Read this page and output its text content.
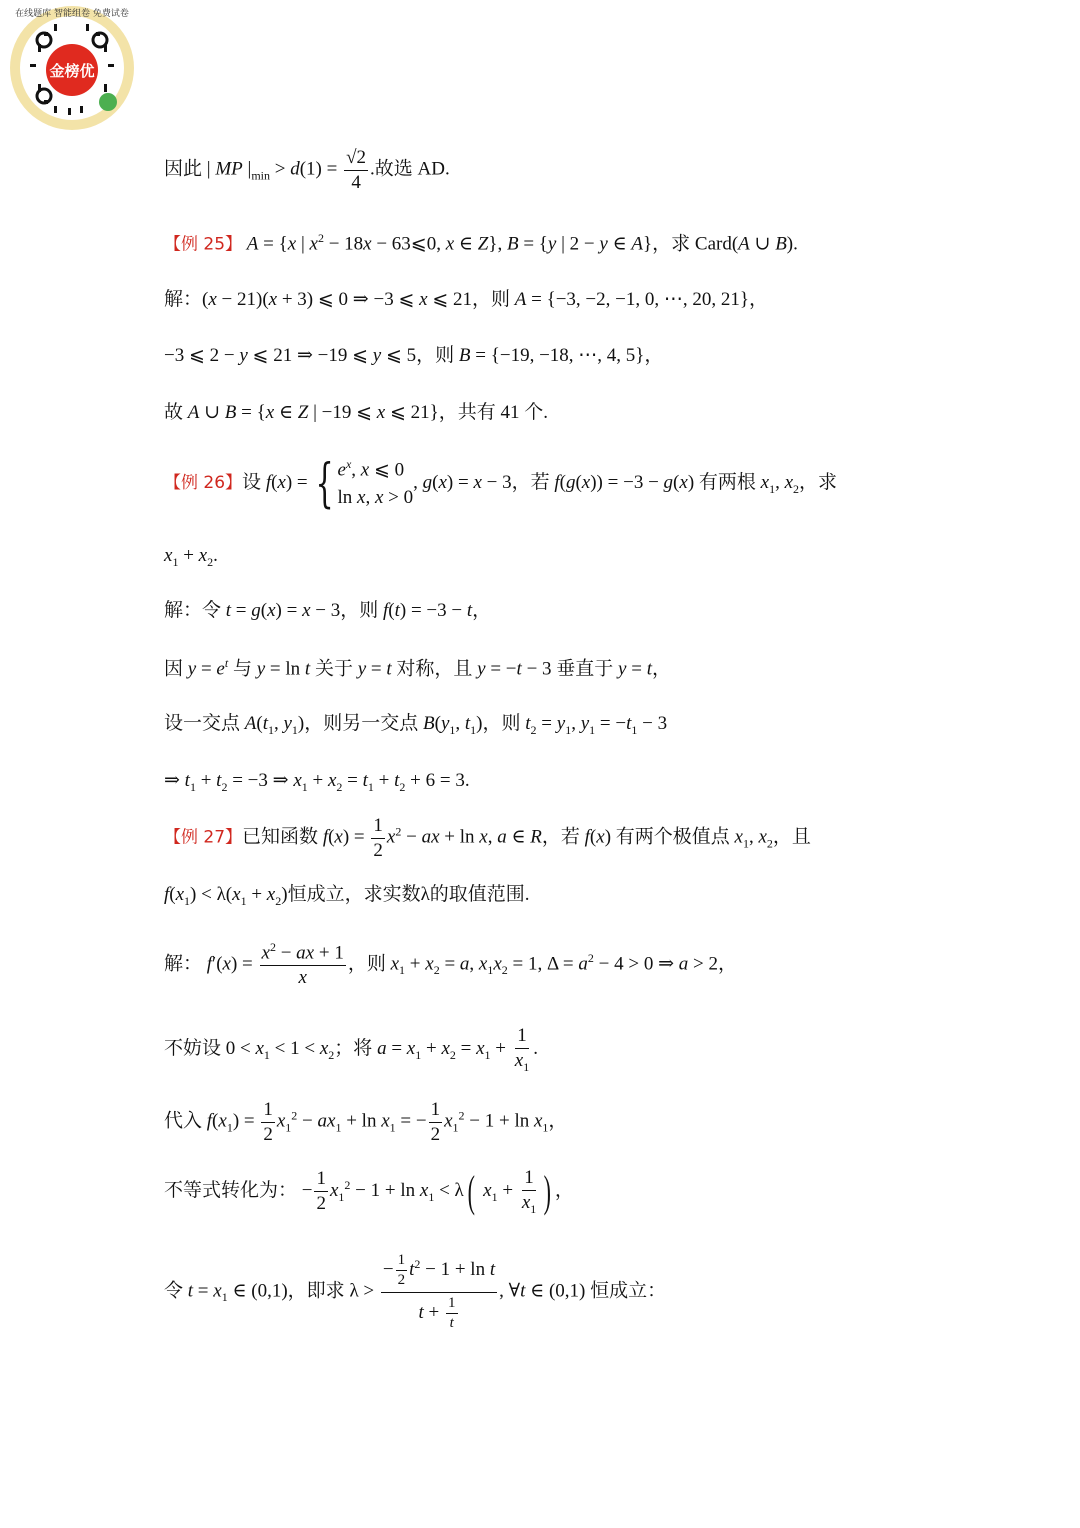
金榜优
在线题库 智能组卷 免费试卷
因此 | MP $|_{min} > d(1) = \frac{√2}{4}$ .故选 AD.
【例 25】 A = {x | $x^2 - 18x$ − 63⩽0, x ∈ Z}, B = {y | 2 − y ∈ A}，求 Card(A ∪ B).
解：(x − 21)(x + 3) ⩽ 0 ⇒ −3 ⩽ x ⩽ 21，则 A = {−3, −2, −1, 0, ⋯, 20, 21}，
−3 ⩽ 2 − y ⩽ 21 ⇒ −19 ⩽ y ⩽ 5，则 B = {−19, −18, ⋯, 4, 5}，
故 A ∪ B = {x ∈ Z | −19 ⩽ x ⩽ 21}，共有 41 个.
【例 26】设 f(x) = { $e^x$, x ⩽ 0
ln x, x > 0
, g(x) = x − 3，若 f(g(x)) = −3 − g(x) 有两根 $x_1$, $x_2$，求
$x_1 + x_2$.
解：令 t = g(x) = x − 3，则 f(t) = −3 − t，
因 $y = e^t$ 与 y = ln t 关于 y = t 对称，且 y = −t − 3 垂直于 y = t，
设一交点 $A(t_1$, $y_1$)，则另一交点 $B(y_1$, $t_1$)，则 $t_2 = y_1$, $y_1 = -t_1 - 3$
⇒ $t_1 + t_2 = -3$ ⇒ $x_1 + x_2 = t_1 + t_2 + 6 = 3$.
【例 27】已知函数 $f(x) = \frac{1}{2} x^2$ − ax + ln x, a ∈ R，若 f(x) 有两个极值点 $x_1$, $x_2$，且
$f(x_1) < \lambda(x_1 + x_2)$恒成立，求实数λ的取值范围.
解： $f'(x) = \frac{x^2 - ax + 1}{x}$ ，则 $x_1 + x_2 = a$, $x_1x_2 = 1$, $\Delta = a^2 - 4 > 0$ ⇒ a > 2，
不妨设 $0 < x_1 < 1 < x_2$；将 $a = x_1 + x_2 = x_1 + \frac{1}{x_1}$ .
代入 $f(x_1) = \frac{1}{2} x_1^2 - ax_1 + \ln x_1$ = − $\frac{1}{2} x_1^2 - 1 + \ln x_1$，
不等式转化为： − $\frac{1}{2} x_1^2 - 1 + \ln x_1 < \lambda$( $x_1 + \frac{1}{x_1}$ ) ，
令 $t = x_1$ ∈ (0,1)，即求 $\lambda > \frac{- \frac{1}{2} t^2 - 1 + \ln t}{t + \frac{1}{t}}$ , ∀t ∈ (0,1) 恒成立：
